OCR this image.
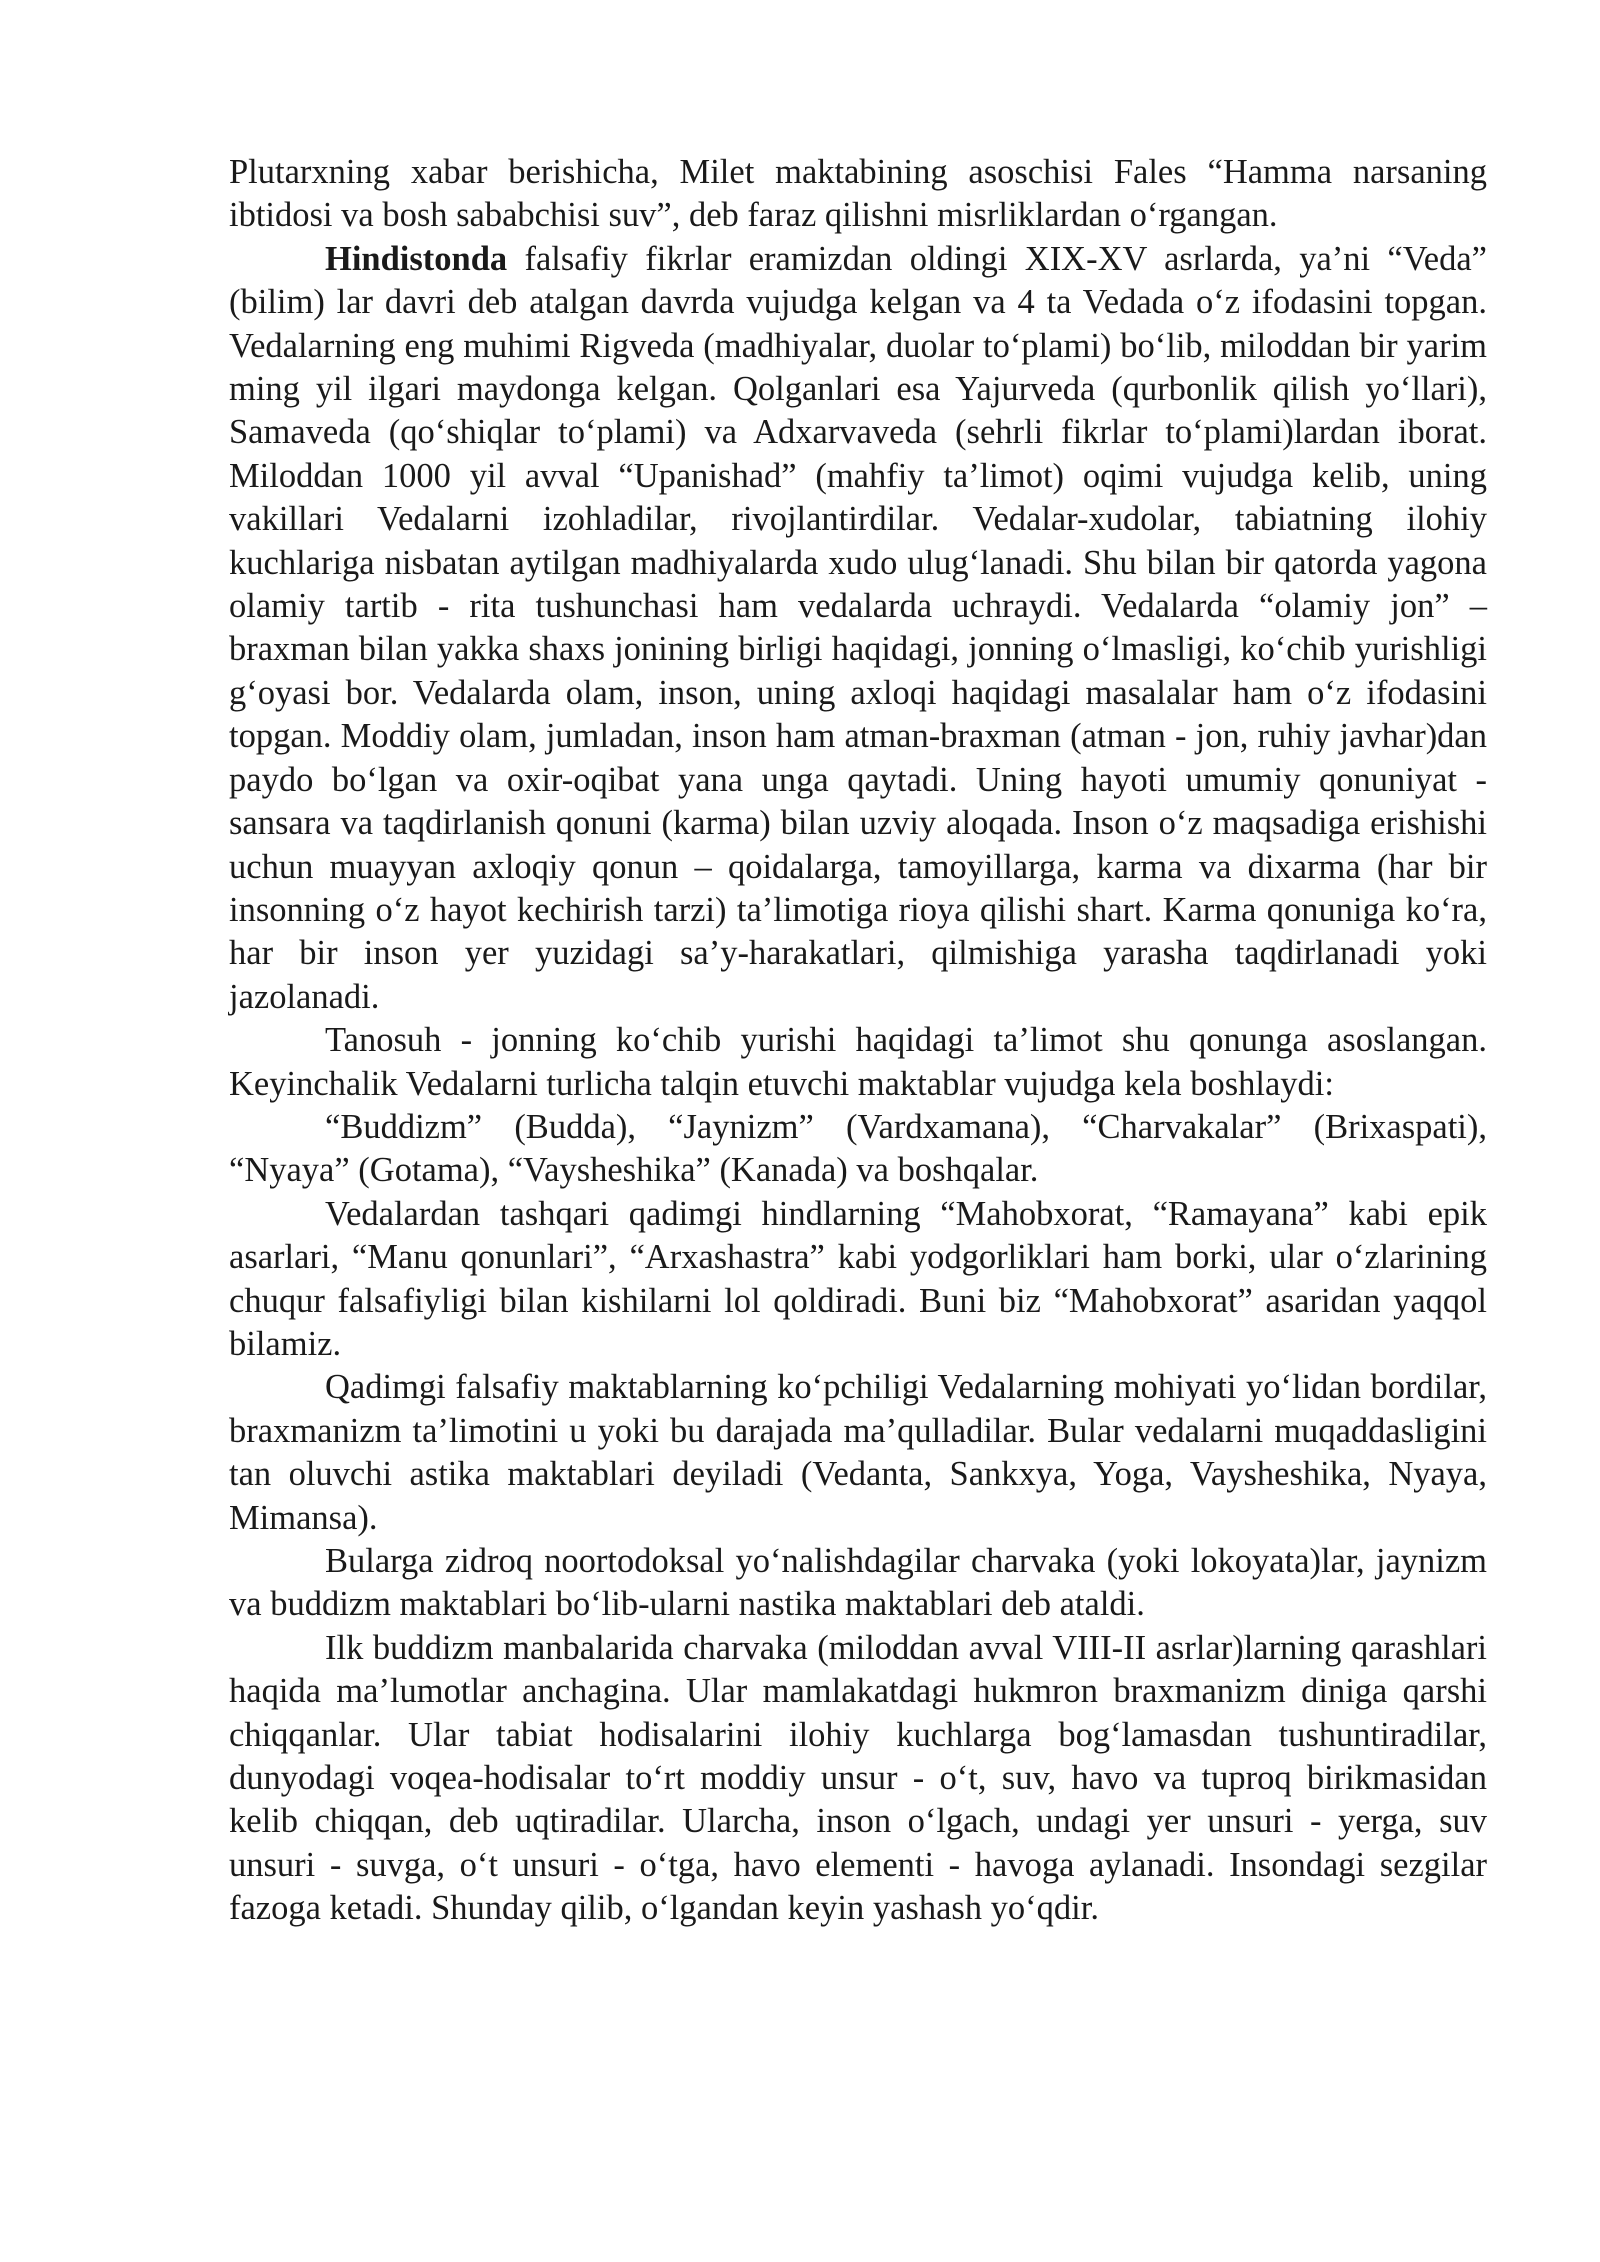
Plutarxning xabar berishicha, Milet maktabining asoschisi Fales “Hamma narsaning ibtidosi va bosh sababchisi suv”, deb faraz qilishni misrliklardan o‘rgangan.

Hindistonda falsafiy fikrlar eramizdan oldingi XIX-XV asrlarda, ya’ni “Veda” (bilim) lar davri deb atalgan davrda vujudga kelgan va 4 ta Vedada o‘z ifodasini topgan. Vedalarning eng muhimi Rigveda (madhiyalar, duolar to‘plami) bo‘lib, miloddan bir yarim ming yil ilgari maydonga kelgan. Qolganlari esa Yajurveda (qurbonlik qilish yo‘llari), Samaveda (qo‘shiqlar to‘plami) va Adxarvaveda (sehrli fikrlar to‘plami)lardan iborat. Miloddan 1000 yil avval “Upanishad” (mahfiy ta’limot) oqimi vujudga kelib, uning vakillari Vedalarni izohladilar, rivojlantirdilar. Vedalar-xudolar, tabiatning ilohiy kuchlariga nisbatan aytilgan madhiyalarda xudo ulug‘lanadi. Shu bilan bir qatorda yagona olamiy tartib - rita tushunchasi ham vedalarda uchraydi. Vedalarda “olamiy jon” – braxman bilan yakka shaxs jonining birligi haqidagi, jonning o‘lmasligi, ko‘chib yurishligi g‘oyasi bor. Vedalarda olam, inson, uning axloqi haqidagi masalalar ham o‘z ifodasini topgan. Moddiy olam, jumladan, inson ham atman-braxman (atman - jon, ruhiy javhar)dan paydo bo‘lgan va oxir-oqibat yana unga qaytadi. Uning hayoti umumiy qonuniyat - sansara va taqdirlanish qonuni (karma) bilan uzviy aloqada. Inson o‘z maqsadiga erishishi uchun muayyan axloqiy qonun – qoidalarga, tamoyillarga, karma va dixarma (har bir insonning o‘z hayot kechirish tarzi) ta’limotiga rioya qilishi shart. Karma qonuniga ko‘ra, har bir inson yer yuzidagi sa’y-harakatlari, qilmishiga yarasha taqdirlanadi yoki jazolanadi.

Tanosuh - jonning ko‘chib yurishi haqidagi ta’limot shu qonunga asoslangan. Keyinchalik Vedalarni turlicha talqin etuvchi maktablar vujudga kela boshlaydi:

“Buddizm” (Budda), “Jaynizm” (Vardxamana), “Charvakalar” (Brixaspati), “Nyaya” (Gotama), “Vaysheshika” (Kanada) va boshqalar.

Vedalardan tashqari qadimgi hindlarning “Mahobxorat, “Ramayana” kabi epik asarlari, “Manu qonunlari”, “Arxashastra” kabi yodgorliklari ham borki, ular o‘zlarining chuqur falsafiyligi bilan kishilarni lol qoldiradi. Buni biz “Mahobxorat” asaridan yaqqol bilamiz.

Qadimgi falsafiy maktablarning ko‘pchiligi Vedalarning mohiyati yo‘lidan bordilar, braxmanizm ta’limotini u yoki bu darajada ma’qulladilar. Bular vedalarni muqaddasligini tan oluvchi astika maktablari deyiladi (Vedanta, Sankxya, Yoga, Vaysheshika, Nyaya, Mimansa).

Bularga zidroq noortodoksal yo‘nalishdagilar charvaka (yoki lokoyata)lar, jaynizm va buddizm maktablari bo‘lib-ularni nastika maktablari deb ataldi.

Ilk buddizm manbalarida charvaka (miloddan avval VIII-II asrlar)larning qarashlari haqida ma’lumotlar anchagina. Ular mamlakatdagi hukmron braxmanizm diniga qarshi chiqqanlar. Ular tabiat hodisalarini ilohiy kuchlarga bog‘lamasdan tushuntiradilar, dunyodagi voqea-hodisalar to‘rt moddiy unsur - o‘t, suv, havo va tuproq birikmasidan kelib chiqqan, deb uqtiradilar. Ularcha, inson o‘lgach, undagi yer unsuri - yerga, suv unsuri - suvga, o‘t unsuri - o‘tga, havo elementi - havoga aylanadi. Insondagi sezgilar fazoga ketadi. Shunday qilib, o‘lgandan keyin yashash yo‘qdir.
